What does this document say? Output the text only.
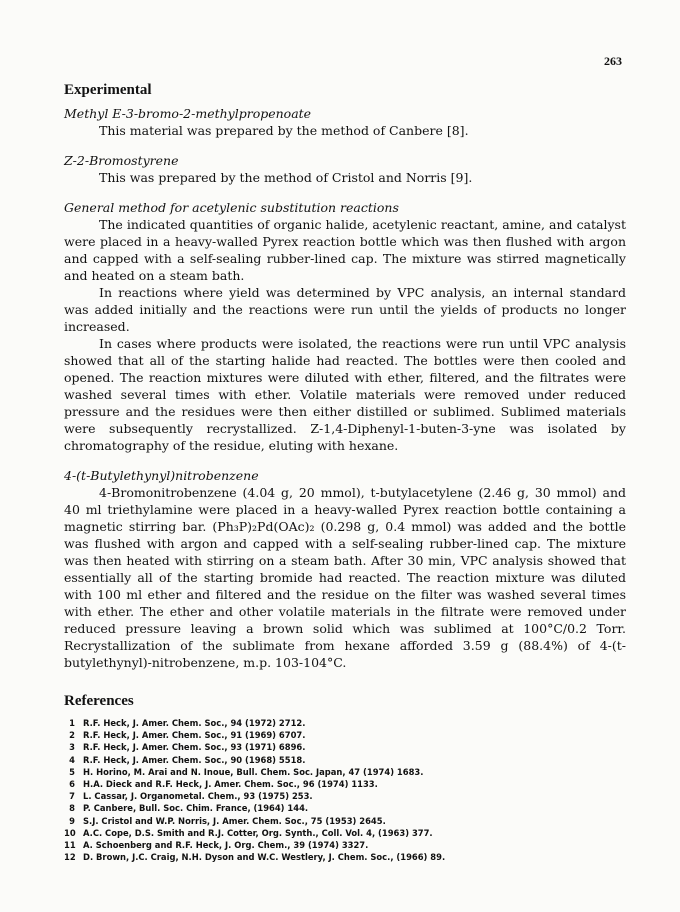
263
Experimental

Methyl E-3-bromo-2-methylpropenoate

This material was prepared by the method of Canbere [8].

Z-2-Bromostyrene

This was prepared by the method of Cristol and Norris [9].

General method for acetylenic substitution reactions

The indicated quantities of organic halide, acetylenic reactant, amine, and catalyst were placed in a heavy-walled Pyrex reaction bottle which was then flushed with argon and capped with a self-sealing rubber-lined cap. The mixture was stirred magnetically and heated on a steam bath.

In reactions where yield was determined by VPC analysis, an internal standard was added initially and the reactions were run until the yields of products no longer increased.

In cases where products were isolated, the reactions were run until VPC analysis showed that all of the starting halide had reacted. The bottles were then cooled and opened. The reaction mixtures were diluted with ether, filtered, and the filtrates were washed several times with ether. Volatile materials were removed under reduced pressure and the residues were then either distilled or sublimed. Sublimed materials were subsequently recrystallized. Z-1,4-Diphenyl-1-buten-3-yne was isolated by chromatography of the residue, eluting with hexane.

4-(t-Butylethynyl)nitrobenzene

4-Bromonitrobenzene (4.04 g, 20 mmol), t-butylacetylene (2.46 g, 30 mmol) and 40 ml triethylamine were placed in a heavy-walled Pyrex reaction bottle containing a magnetic stirring bar. (Ph₃P)₂Pd(OAc)₂ (0.298 g, 0.4 mmol) was added and the bottle was flushed with argon and capped with a self-sealing rubber-lined cap. The mixture was then heated with stirring on a steam bath. After 30 min, VPC analysis showed that essentially all of the starting bromide had reacted. The reaction mixture was diluted with 100 ml ether and filtered and the residue on the filter was washed several times with ether. The ether and other volatile materials in the filtrate were removed under reduced pressure leaving a brown solid which was sublimed at 100°C/0.2 Torr. Recrystallization of the sublimate from hexane afforded 3.59 g (88.4%) of 4-(t-butylethynyl)-nitrobenzene, m.p. 103-104°C.

References
1 R.F. Heck, J. Amer. Chem. Soc., 94 (1972) 2712.
2 R.F. Heck, J. Amer. Chem. Soc., 91 (1969) 6707.
3 R.F. Heck, J. Amer. Chem. Soc., 93 (1971) 6896.
4 R.F. Heck, J. Amer. Chem. Soc., 90 (1968) 5518.
5 H. Horino, M. Arai and N. Inoue, Bull. Chem. Soc. Japan, 47 (1974) 1683.
6 H.A. Dieck and R.F. Heck, J. Amer. Chem. Soc., 96 (1974) 1133.
7 L. Cassar, J. Organometal. Chem., 93 (1975) 253.
8 P. Canbere, Bull. Soc. Chim. France, (1964) 144.
9 S.J. Cristol and W.P. Norris, J. Amer. Chem. Soc., 75 (1953) 2645.
10 A.C. Cope, D.S. Smith and R.J. Cotter, Org. Synth., Coll. Vol. 4, (1963) 377.
11 A. Schoenberg and R.F. Heck, J. Org. Chem., 39 (1974) 3327.
12 D. Brown, J.C. Craig, N.H. Dyson and W.C. Westlery, J. Chem. Soc., (1966) 89.
